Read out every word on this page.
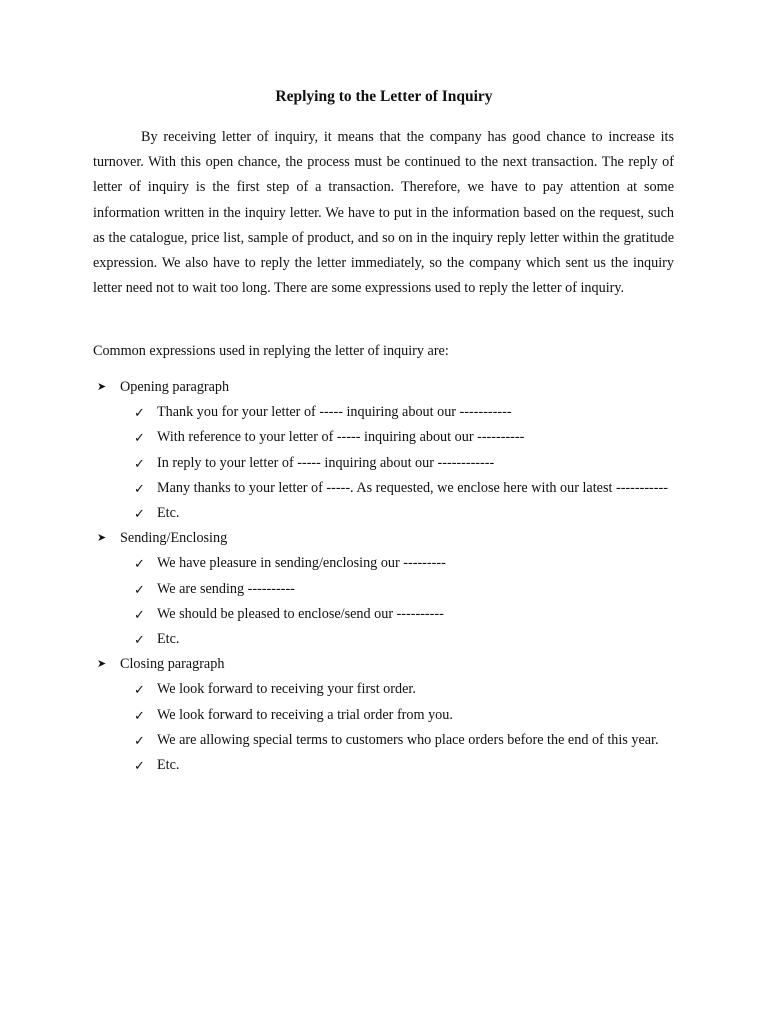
Replying to the Letter of Inquiry

By receiving letter of inquiry, it means that the company has good chance to increase its turnover. With this open chance, the process must be continued to the next transaction. The reply of letter of inquiry is the first step of a transaction. Therefore, we have to pay attention at some information written in the inquiry letter. We have to put in the information based on the request, such as the catalogue, price list, sample of product, and so on in the inquiry reply letter within the gratitude expression. We also have to reply the letter immediately, so the company which sent us the inquiry letter need not to wait too long. There are some expressions used to reply the letter of inquiry.

Common expressions used in replying the letter of inquiry are:

➤ Opening paragraph
✓ Thank you for your letter of ----- inquiring about our -----------
✓ With reference to your letter of ----- inquiring about our ----------
✓ In reply to your letter of ----- inquiring about our ------------
✓ Many thanks to your letter of -----. As requested, we enclose here with our latest -----------
✓ Etc.
➤ Sending/Enclosing
✓ We have pleasure in sending/enclosing our ---------
✓ We are sending ----------
✓ We should be pleased to enclose/send our ----------
✓ Etc.
➤ Closing paragraph
✓ We look forward to receiving your first order.
✓ We look forward to receiving a trial order from you.
✓ We are allowing special terms to customers who place orders before the end of this year.
✓ Etc.
